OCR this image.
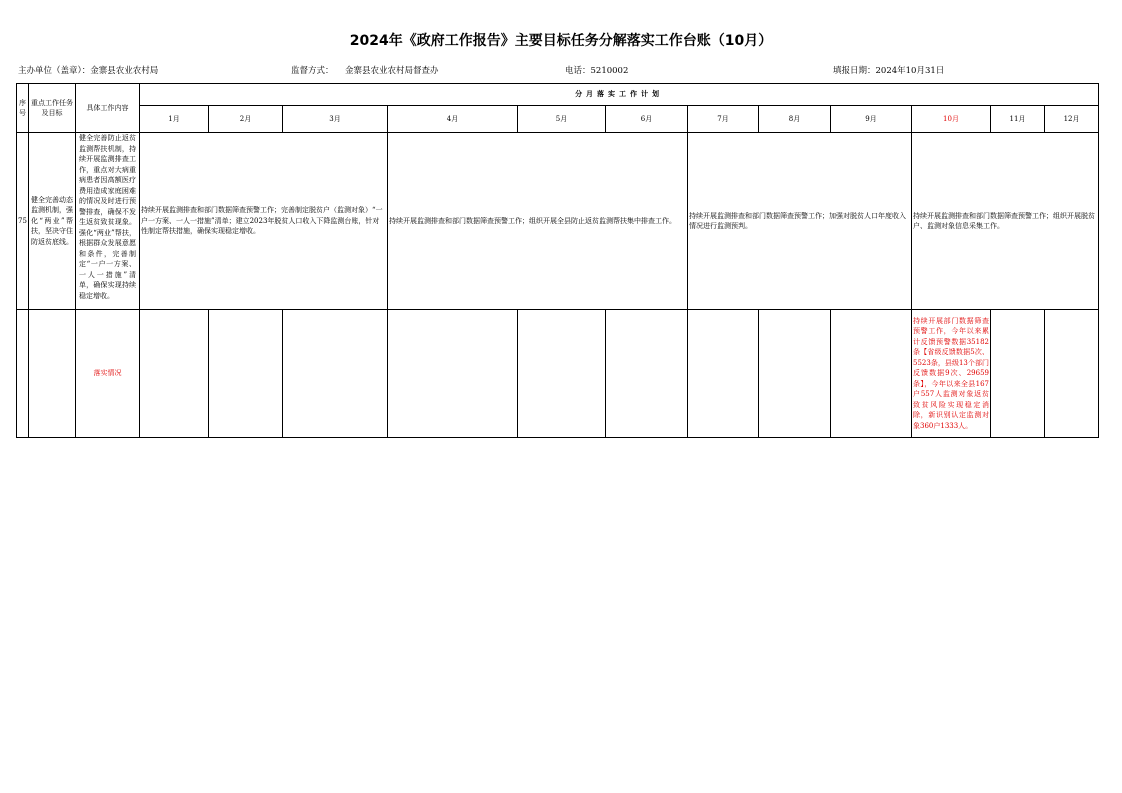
2024年《政府工作报告》主要目标任务分解落实工作台账（10月）
主办单位（盖章）：金寨县农业农村局	监督方式： 金寨县农业农村局督查办	电话：5210002	填报日期：2024年10月31日
序号	重点工作任务及目标	具体工作内容	分月落实工作计划											
			1月	2月	3月	4月	5月	6月	7月	8月	9月	10月	11月	12月
75	健全完善动态监测机制，强化“两业”帮扶，坚决守住防返贫底线。	健全完善防止返贫监测帮扶机制，持续开展监测排查工作，重点对大病重病患者因高额医疗费用造成家庭困难的情况及时进行预警排查，确保不发生返贫致贫现象。强化“两业”帮扶，根据群众发展意愿和条件，完善制定“一户一方案、一人一措施”清单，确保实现持续稳定增收。	持续开展监测排查和部门数据筛查预警工作；完善制定脱贫户（监测对象）“一户一方案、一人一措施”清单；建立2023年脱贫人口收入下降监测台账，针对性制定帮扶措施，确保实现稳定增收。			持续开展监测排查和部门数据筛查预警工作；组织开展全县防止返贫监测帮扶集中排查工作。			持续开展监测排查和部门数据筛查预警工作；加强对脱贫人口年度收入情况进行监测预判。			持续开展监测排查和部门数据筛查预警工作；组织开展脱贫户、监测对象信息采集工作。		

		落实情况										持续开展部门数据筛查预警工作，今年以来累计反馈预警数据35182条【省级反馈数据5次、5523条，县级13个部门反馈数据9次、29659条】，今年以来全县167户557人监测对象返贫致贫风险实现稳定消除，新识别认定监测对象360户1333人。		
